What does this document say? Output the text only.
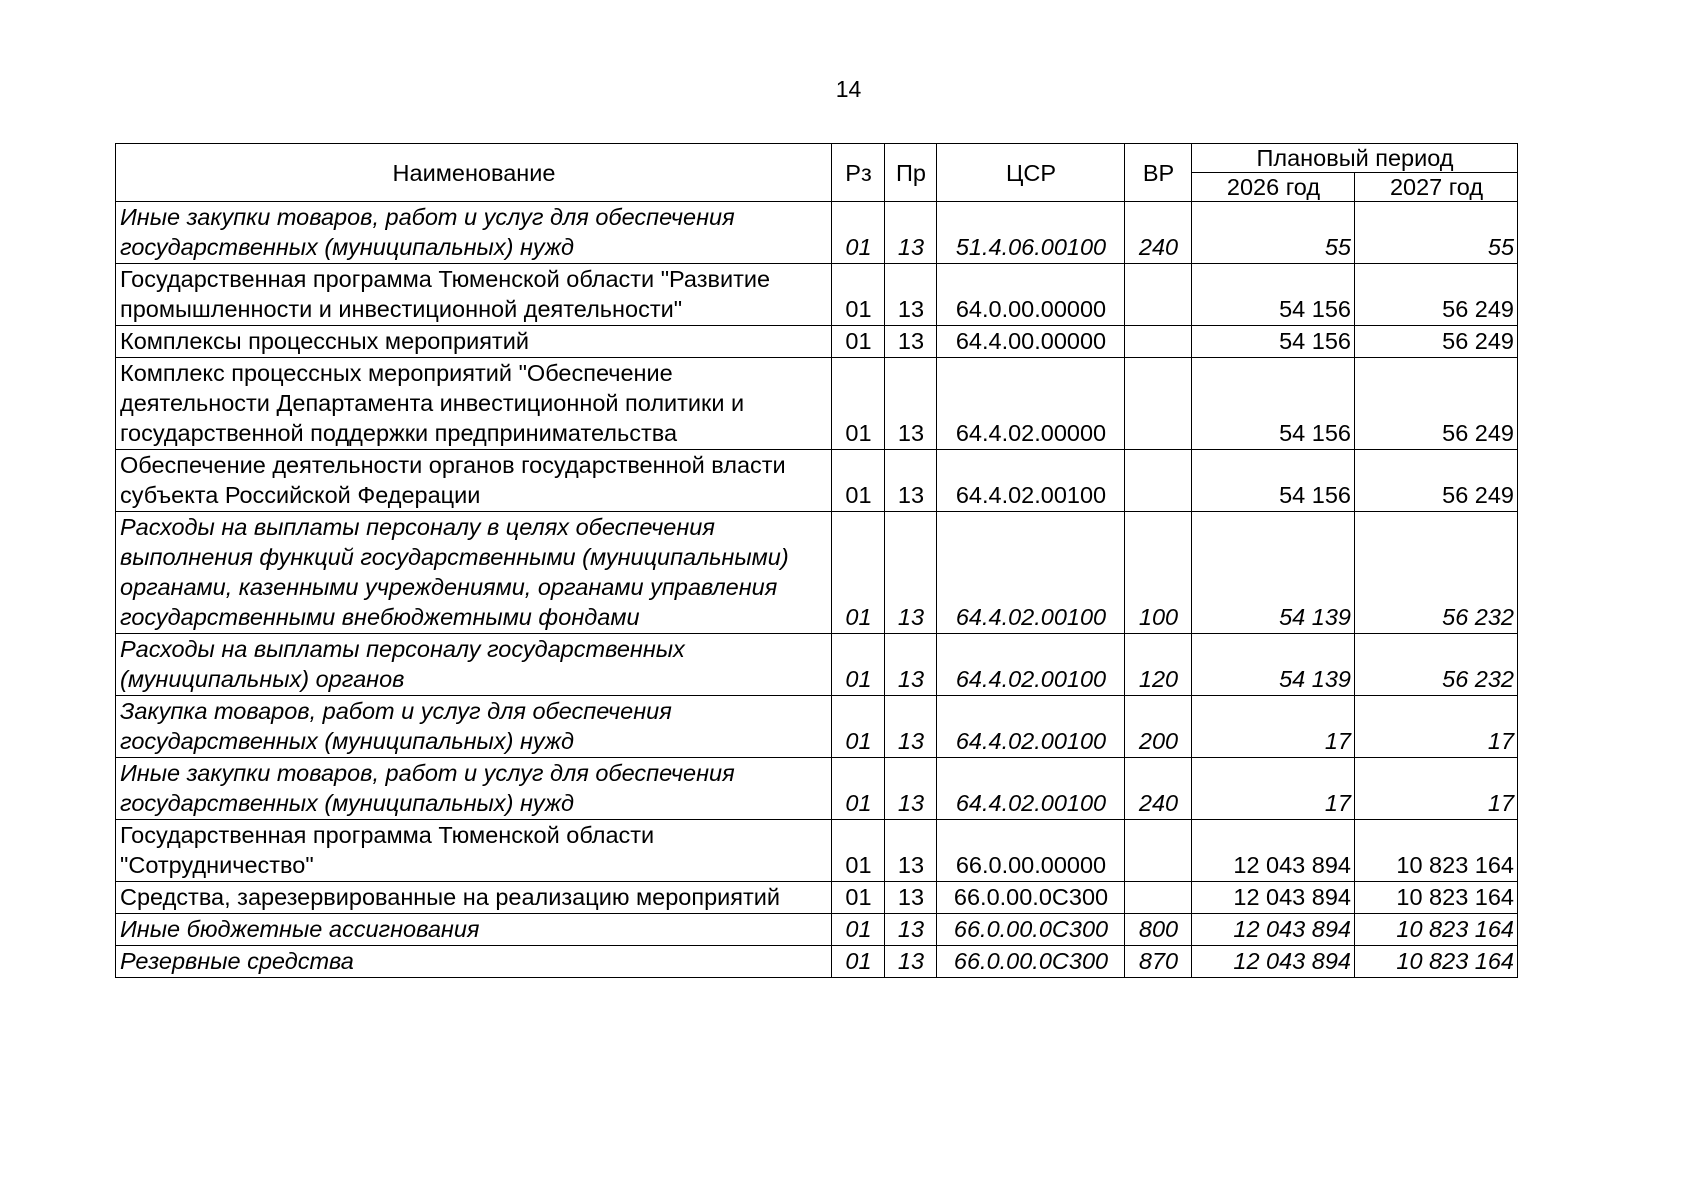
14
Наименование	Рз	Пр	ЦСР	ВР	Плановый период	
					2026 год	2027 год
Иные закупки товаров, работ и услуг для обеспечения государственных (муниципальных) нужд	01	13	51.4.06.00100	240	55	55
Государственная программа Тюменской области "Развитие промышленности и инвестиционной деятельности"	01	13	64.0.00.00000		54 156	56 249
Комплексы процессных мероприятий	01	13	64.4.00.00000		54 156	56 249
Комплекс процессных мероприятий "Обеспечение деятельности Департамента инвестиционной политики и государственной поддержки предпринимательства	01	13	64.4.02.00000		54 156	56 249
Обеспечение деятельности органов государственной власти субъекта Российской Федерации	01	13	64.4.02.00100		54 156	56 249
Расходы на выплаты персоналу в целях обеспечения выполнения функций государственными (муниципальными) органами, казенными учреждениями, органами управления государственными внебюджетными фондами	01	13	64.4.02.00100	100	54 139	56 232
Расходы на выплаты персоналу государственных (муниципальных) органов	01	13	64.4.02.00100	120	54 139	56 232
Закупка товаров, работ и услуг для обеспечения государственных (муниципальных) нужд	01	13	64.4.02.00100	200	17	17
Иные закупки товаров, работ и услуг для обеспечения государственных (муниципальных) нужд	01	13	64.4.02.00100	240	17	17
Государственная программа Тюменской области "Сотрудничество"	01	13	66.0.00.00000		12 043 894	10 823 164
Средства, зарезервированные на реализацию мероприятий	01	13	66.0.00.0С300		12 043 894	10 823 164
Иные бюджетные ассигнования	01	13	66.0.00.0С300	800	12 043 894	10 823 164
Резервные средства	01	13	66.0.00.0С300	870	12 043 894	10 823 164
